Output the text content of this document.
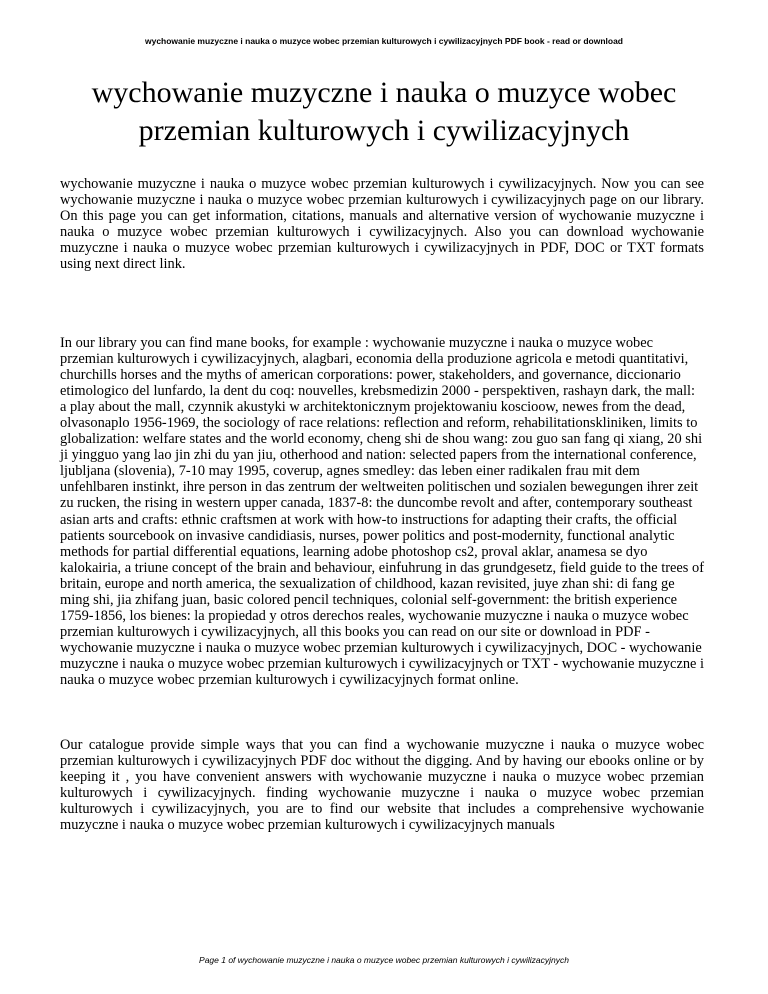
wychowanie muzyczne i nauka o muzyce wobec przemian kulturowych i cywilizacyjnych PDF book - read or download
wychowanie muzyczne i nauka o muzyce wobec przemian kulturowych i cywilizacyjnych

wychowanie muzyczne i nauka o muzyce wobec przemian kulturowych i cywilizacyjnych. Now you can see wychowanie muzyczne i nauka o muzyce wobec przemian kulturowych i cywilizacyjnych page on our library. On this page you can get information, citations, manuals and alternative version of wychowanie muzyczne i nauka o muzyce wobec przemian kulturowych i cywilizacyjnych. Also you can download wychowanie muzyczne i nauka o muzyce wobec przemian kulturowych i cywilizacyjnych in PDF, DOC or TXT formats using next direct link.

In our library you can find mane books, for example : wychowanie muzyczne i nauka o muzyce wobec przemian kulturowych i cywilizacyjnych, alagbari, economia della produzione agricola e metodi quantitativi, churchills horses and the myths of american corporations: power, stakeholders, and governance, diccionario etimologico del lunfardo, la dent du coq: nouvelles, krebsmedizin 2000 - perspektiven, rashayn dark, the mall: a play about the mall, czynnik akustyki w architektonicznym projektowaniu koscioow, newes from the dead, olvasonaplo 1956-1969, the sociology of race relations: reflection and reform, rehabilitationskliniken, limits to globalization: welfare states and the world economy, cheng shi de shou wang: zou guo san fang qi xiang, 20 shi ji yingguo yang lao jin zhi du yan jiu, otherhood and nation: selected papers from the international conference, ljubljana (slovenia), 7-10 may 1995, coverup, agnes smedley: das leben einer radikalen frau mit dem unfehlbaren instinkt, ihre person in das zentrum der weltweiten politischen und sozialen bewegungen ihrer zeit zu rucken, the rising in western upper canada, 1837-8: the duncombe revolt and after, contemporary southeast asian arts and crafts: ethnic craftsmen at work with how-to instructions for adapting their crafts, the official patients sourcebook on invasive candidiasis, nurses, power politics and post-modernity, functional analytic methods for partial differential equations, learning adobe photoshop cs2, proval aklar, anamesa se dyo kalokairia, a triune concept of the brain and behaviour, einfuhrung in das grundgesetz, field guide to the trees of britain, europe and north america, the sexualization of childhood, kazan revisited, juye zhan shi: di fang ge ming shi, jia zhifang juan, basic colored pencil techniques, colonial self-government: the british experience 1759-1856, los bienes: la propiedad y otros derechos reales, wychowanie muzyczne i nauka o muzyce wobec przemian kulturowych i cywilizacyjnych, all this books you can read on our site or download in PDF - wychowanie muzyczne i nauka o muzyce wobec przemian kulturowych i cywilizacyjnych, DOC - wychowanie muzyczne i nauka o muzyce wobec przemian kulturowych i cywilizacyjnych or TXT - wychowanie muzyczne i nauka o muzyce wobec przemian kulturowych i cywilizacyjnych format online.

Our catalogue provide simple ways that you can find a wychowanie muzyczne i nauka o muzyce wobec przemian kulturowych i cywilizacyjnych PDF doc without the digging. And by having our ebooks online or by keeping it , you have convenient answers with wychowanie muzyczne i nauka o muzyce wobec przemian kulturowych i cywilizacyjnych. finding wychowanie muzyczne i nauka o muzyce wobec przemian kulturowych i cywilizacyjnych, you are to find our website that includes a comprehensive wychowanie muzyczne i nauka o muzyce wobec przemian kulturowych i cywilizacyjnych manuals

Page 1 of wychowanie muzyczne i nauka o muzyce wobec przemian kulturowych i cywilizacyjnych
